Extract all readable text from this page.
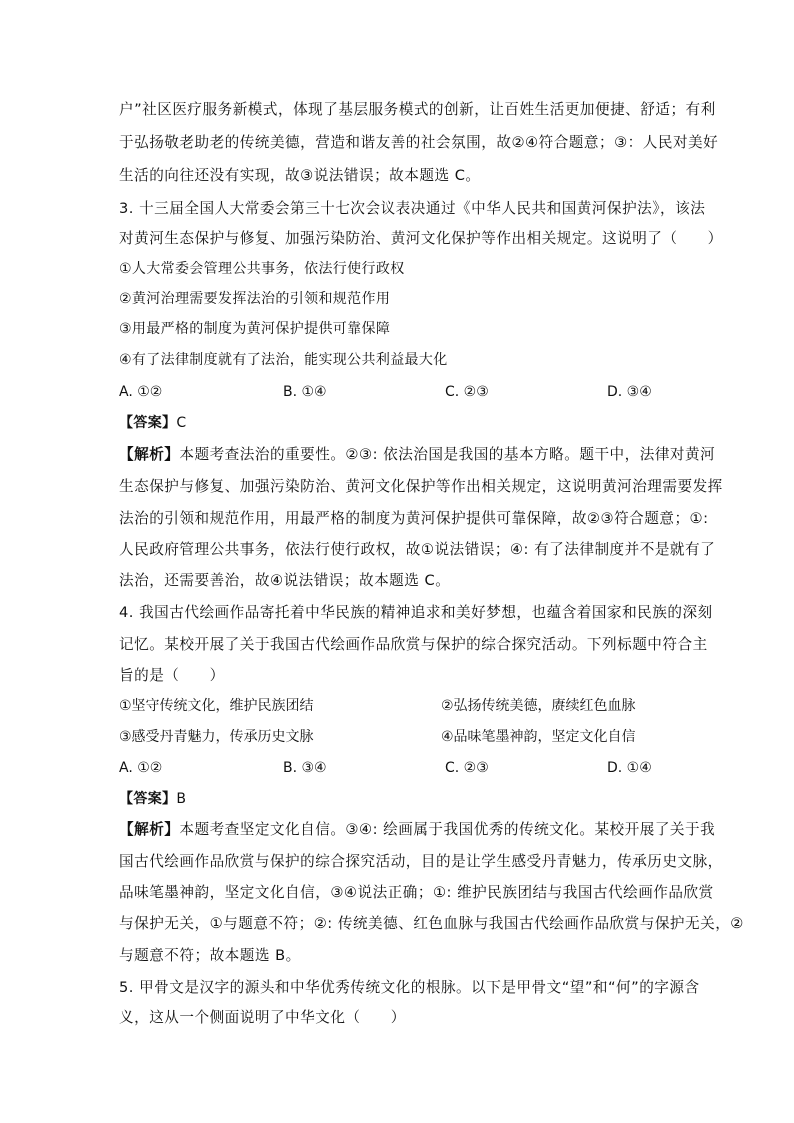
户”社区医疗服务新模式，体现了基层服务模式的创新，让百姓生活更加便捷、舒适；有利
于弘扬敬老助老的传统美德，营造和谐友善的社会氛围，故②④符合题意；③：人民对美好
生活的向往还没有实现，故③说法错误；故本题选 C。
3. 十三届全国人大常委会第三十七次会议表决通过《中华人民共和国黄河保护法》，该法
对黄河生态保护与修复、加强污染防治、黄河文化保护等作出相关规定。这说明了（　　）
①人大常委会管理公共事务，依法行使行政权
②黄河治理需要发挥法治的引领和规范作用
③用最严格的制度为黄河保护提供可靠保障
④有了法律制度就有了法治，能实现公共利益最大化
A. ①②	B. ①④	C. ②③	D. ③④
【答案】C
【解析】本题考查法治的重要性。②③: 依法治国是我国的基本方略。题干中，法律对黄河
生态保护与修复、加强污染防治、黄河文化保护等作出相关规定，这说明黄河治理需要发挥
法治的引领和规范作用，用最严格的制度为黄河保护提供可靠保障，故②③符合题意；①:
人民政府管理公共事务，依法行使行政权，故①说法错误；④: 有了法律制度并不是就有了
法治，还需要善治，故④说法错误；故本题选 C。
4. 我国古代绘画作品寄托着中华民族的精神追求和美好梦想，也蕴含着国家和民族的深刻
记忆。某校开展了关于我国古代绘画作品欣赏与保护的综合探究活动。下列标题中符合主
旨的是（　　）
①坚守传统文化，维护民族团结	②弘扬传统美德，赓续红色血脉
③感受丹青魅力，传承历史文脉	④品味笔墨神韵，坚定文化自信
A. ①②	B. ③④	C. ②③	D. ①④
【答案】B
【解析】本题考查坚定文化自信。③④: 绘画属于我国优秀的传统文化。某校开展了关于我
国古代绘画作品欣赏与保护的综合探究活动，目的是让学生感受丹青魅力，传承历史文脉，
品味笔墨神韵，坚定文化自信，③④说法正确；①: 维护民族团结与我国古代绘画作品欣赏
与保护无关，①与题意不符；②: 传统美德、红色血脉与我国古代绘画作品欣赏与保护无关，②
与题意不符；故本题选 B。
5. 甲骨文是汉字的源头和中华优秀传统文化的根脉。以下是甲骨文“望”和“何”的字源含
义，这从一个侧面说明了中华文化（　　）
